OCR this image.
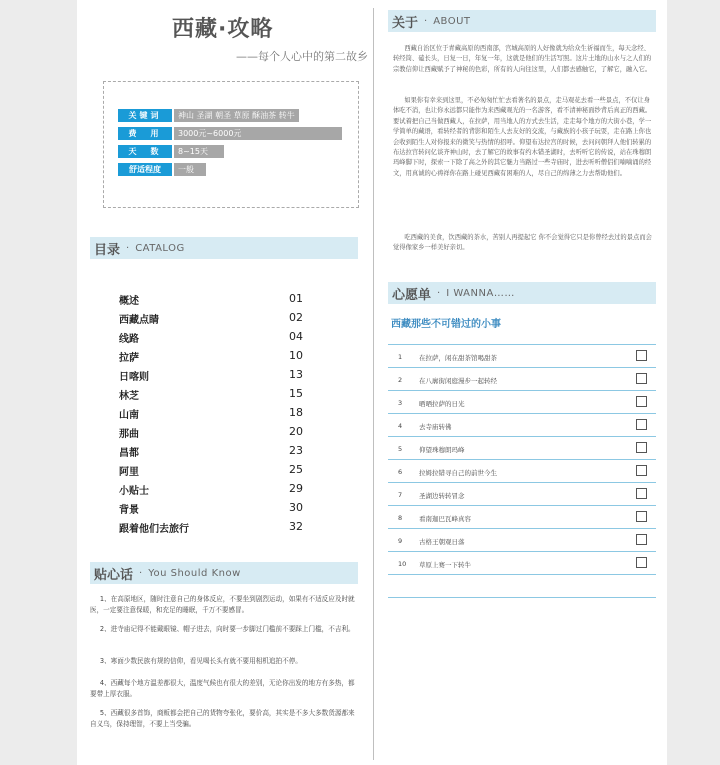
西藏·攻略
——每个人心中的第二故乡
关键词	神山 圣湖 朝圣 草原 酥油茶 转牛
费　用	3000元~6000元
天　数	8~15天
舒适程度	一般
目录 · CATALOG
概述	01
西藏点睛	02
线路	04
拉萨	10
日喀则	13
林芝	15
山南	18
那曲	20
昌都	23
阿里	25
小贴士	29
背景	30
跟着他们去旅行	32
贴心话 · You Should Know

1、在高原地区，随时注意自己的身体反应，不要坐到剧烈运动，如果有不适反应及时就医，一定要注意保暖，和充足的睡眠，千万不要感冒。

2、进寺庙记得不能戴眼镜、帽子进去，向时要一步脚过门槛前不要踩上门槛，不吉利。

3、寒面少数民族有规的信仰，看见喝长头有就不要用相机追拍不停。

4、西藏每个地方温差都很大，温度气候也有很大的差别，无论你出发的地方有多热，都要带上厚衣服。

5、西藏很多首饰，商贩都会把自己的货物夸张化，要价高，其实是不多大多数货源都来自义乌，保持理智，不要上当受骗。

关于 · ABOUT

西藏自治区位于青藏高原的西南部，宫城高原的人好像就为给众生祈福而生，每天念经、转经筒、磕长头，日复一日，年复一年，这就是他们的生活写照。这片土地的山水与之人们的宗教信仰让西藏赋予了神秘的色彩，所有的人向往这里，人们都去感触它，了解它，融入它。

如果你有幸来到这里，不必匆匆忙忙去看著名的景点，走马观花去看一些景点，不仅让身体吃不消，也让你永远都只能作为来西藏观光的一名游客，看不清神秘面纱背后真正的西藏。要试着把自己当做西藏人，在拉萨，用当地人的方式去生活，走走每个地方的大街小巷，学一学简单的藏语，看转经者的背影和陌生人去友好的交流，与藏族的小孩子玩耍，走在路上你也会收到陌生人对你报来的微笑与热情的招呼。仰望布达拉宫的时候，去问问朝拜人他们转累的布达拉宫转问亿谈齐神山时，去了解它的故事有约木错圣湖时，去听听它的传说，站在珠穆朗玛峰脚下时，探索一下除了高之外的其它魅力当路过一些寺庙时，进去听听僧侣们喃喃诵的经文，用真诚的心祷祥你在路上碰见西藏有困难的人，尽自己的绵薄之力去帮助他们。

吃西藏的美食，饮西藏的茶水，苦别人再提起它 你不会觉得它只是你曾经去过的景点而会觉得像家乡一样美好亲切。

心愿单 · I WANNA……
西藏那些不可错过的小事
1	在拉萨，闲在甜茶馆喝甜茶
2	在八廓街闲庭漫步一起转经
3	晒晒拉萨的日光
4	去寺庙转佛
5	仰望珠穆朗玛峰
6	拉姆拉错寻自己的前世今生
7	圣湖边转转冒念
8	看南迦巴瓦峰真容
9	古格王朝观日落
10 草原上赛一下转牛
